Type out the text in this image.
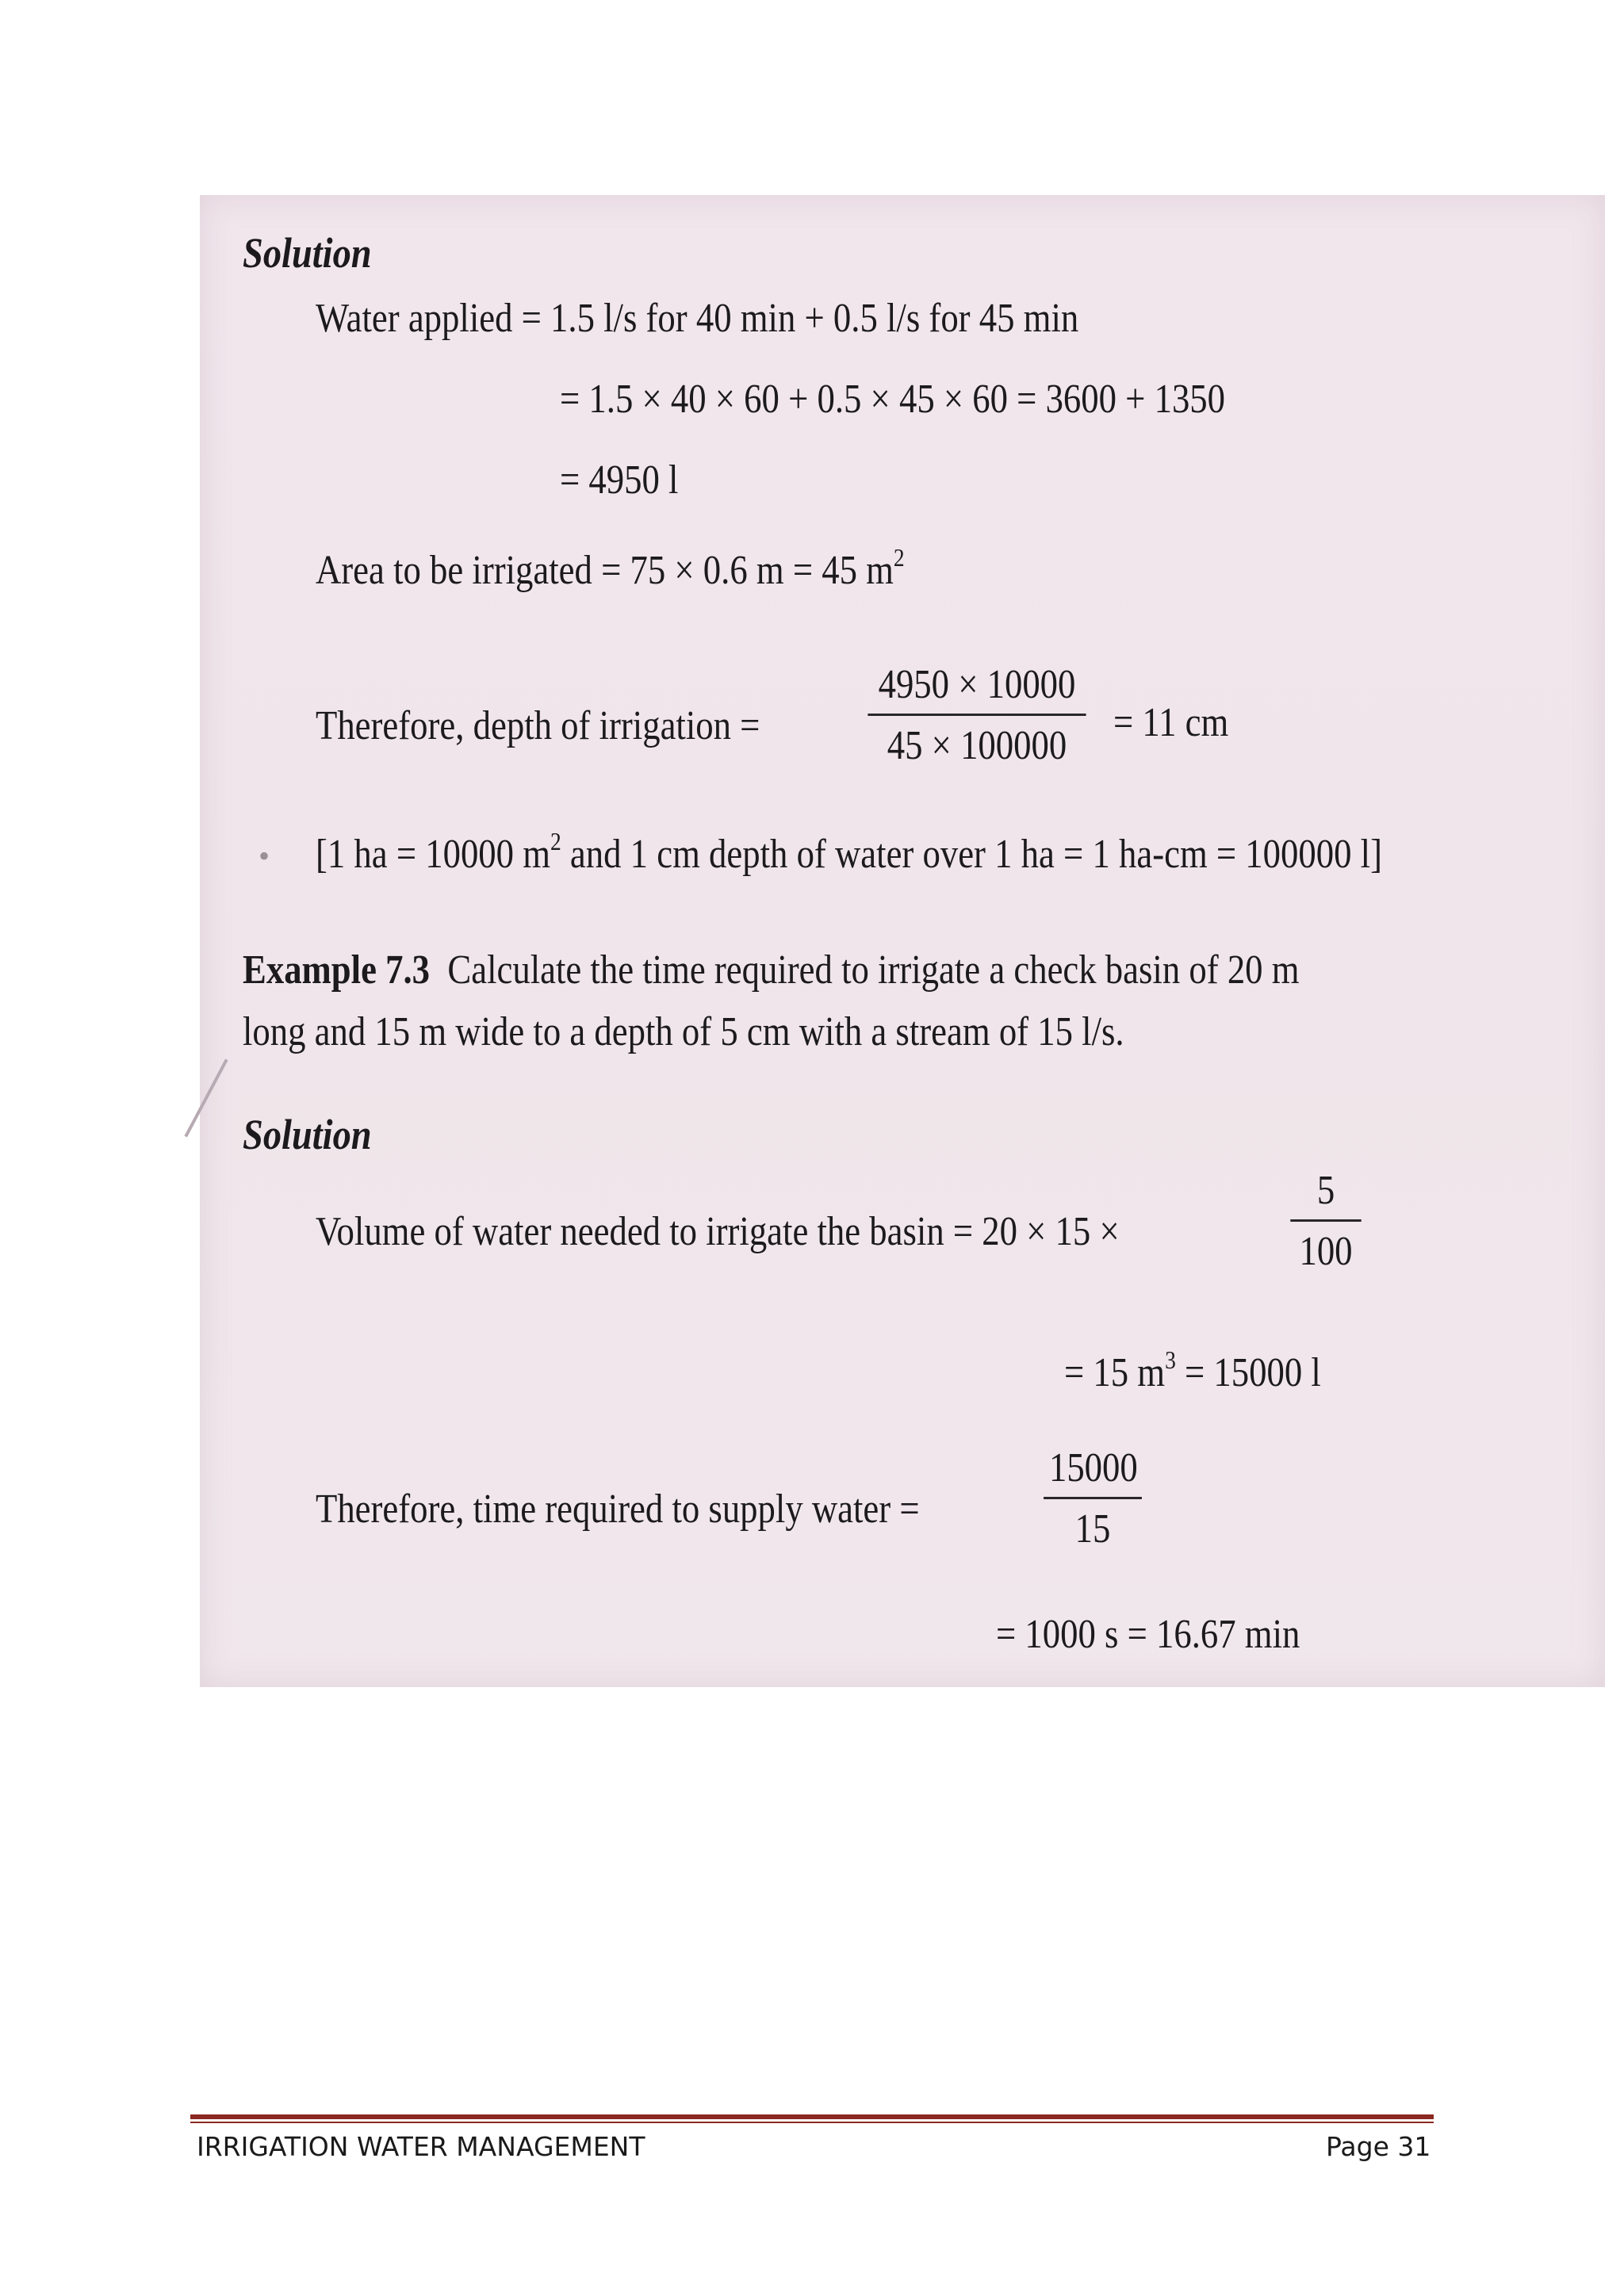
Solution
Water applied = 1.5 l/s for 40 min + 0.5 l/s for 45 min
= 1.5 × 40 × 60 + 0.5 × 45 × 60 = 3600 + 1350
= 4950 l
Area to be irrigated = 75 × 0.6 m = 45 $m^2$
Therefore, depth of irrigation =
4950 × 10000
45 × 100000
= 11 cm
• [1 ha = 10000 $m^2$ and 1 cm depth of water over 1 ha = 1 ha-cm = 100000 l]
Example 7.3 Calculate the time required to irrigate a check basin of 20 m
long and 15 m wide to a depth of 5 cm with a stream of 15 l/s.
Solution
Volume of water needed to irrigate the basin = 20 × 15 ×
5
100
= 15 $m^3 = 15000$ l
Therefore, time required to supply water =
15000
15
= 1000 s = 16.67 min
IRRIGATION WATER MANAGEMENT	Page 31
